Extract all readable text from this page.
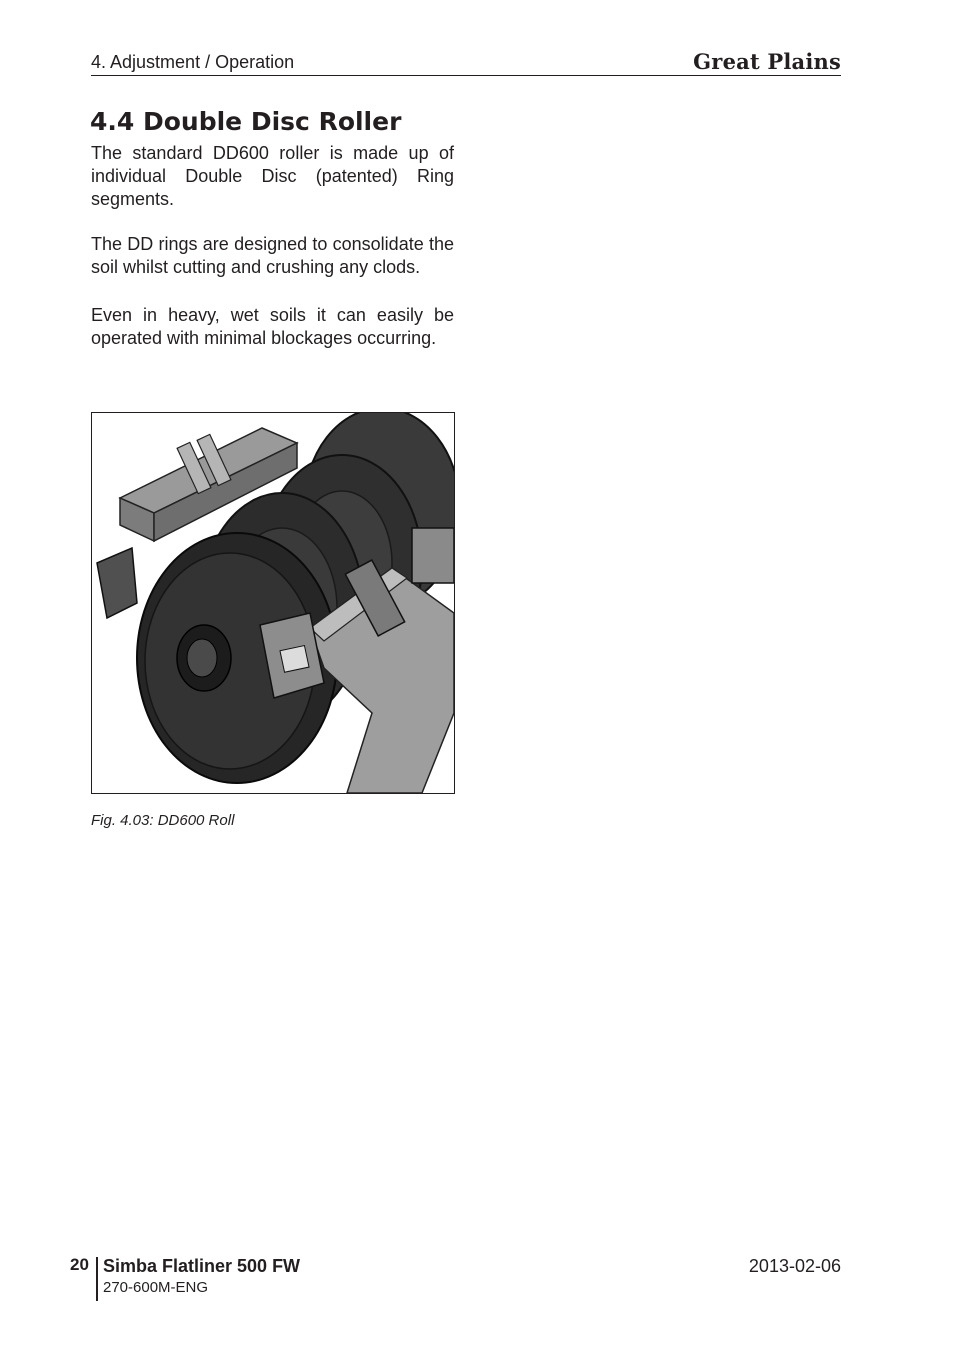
4. Adjustment / Operation	Great Plains
4.4 Double Disc Roller

The standard DD600 roller is made up of individual Double Disc (patented) Ring segments.

The DD rings are designed to consolidate the soil whilst cutting and crushing any clods.

Even in heavy, wet soils it can easily be operated with minimal blockages occurring.

Fig. 4.03: DD600 Roll
20 Simba Flatliner 500 FW
270-600M-ENG
2013-02-06
